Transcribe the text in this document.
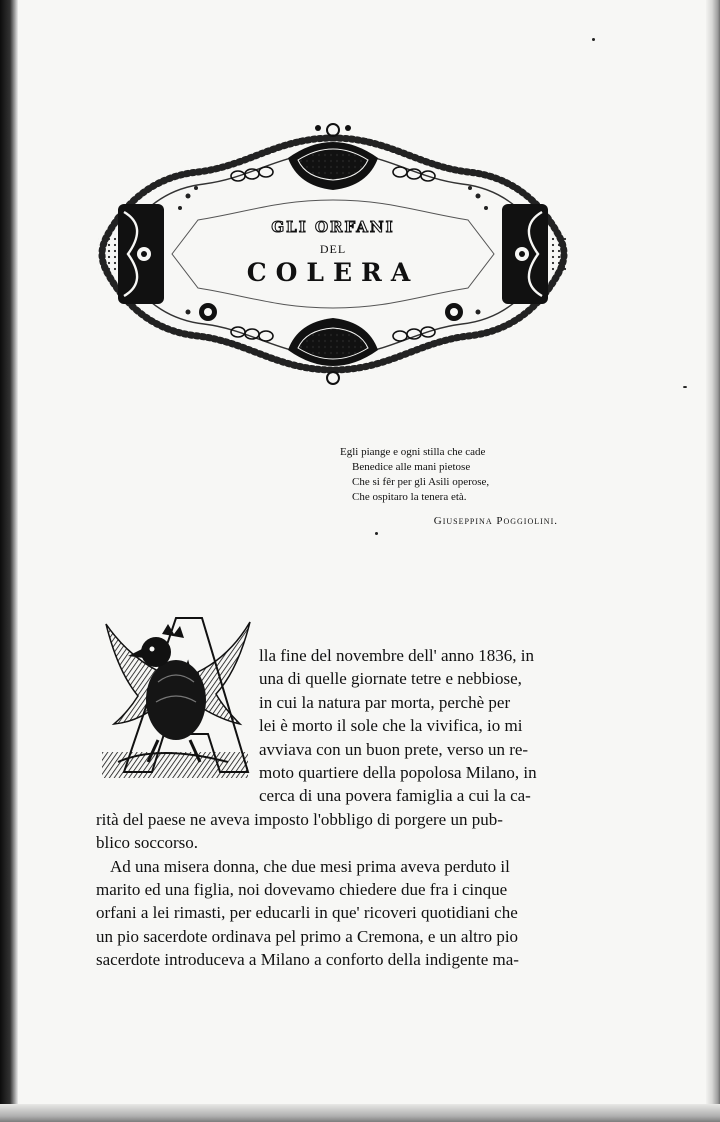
GLI ORFANI
DEL
COLERA
Egli piange e ogni stilla che cade
Benedice alle mani pietose
Che si fêr per gli Asili operose,
Che ospitaro la tenera età.
Giuseppina Poggiolini.
lla fine del novembre dell' anno 1836, in
una di quelle giornate tetre e nebbiose,
in cui la natura par morta, perchè per
lei è morto il sole che la vivifica, io mi
avviava con un buon prete, verso un re-
moto quartiere della popolosa Milano, in
cerca di una povera famiglia a cui la ca-
rità del paese ne aveva imposto l'obbligo di porgere un pub-
blico soccorso.
Ad una misera donna, che due mesi prima aveva perduto il
marito ed una figlia, noi dovevamo chiedere due fra i cinque
orfani a lei rimasti, per educarli in que' ricoveri quotidiani che
un pio sacerdote ordinava pel primo a Cremona, e un altro pio
sacerdote introduceva a Milano a conforto della indigente ma-
